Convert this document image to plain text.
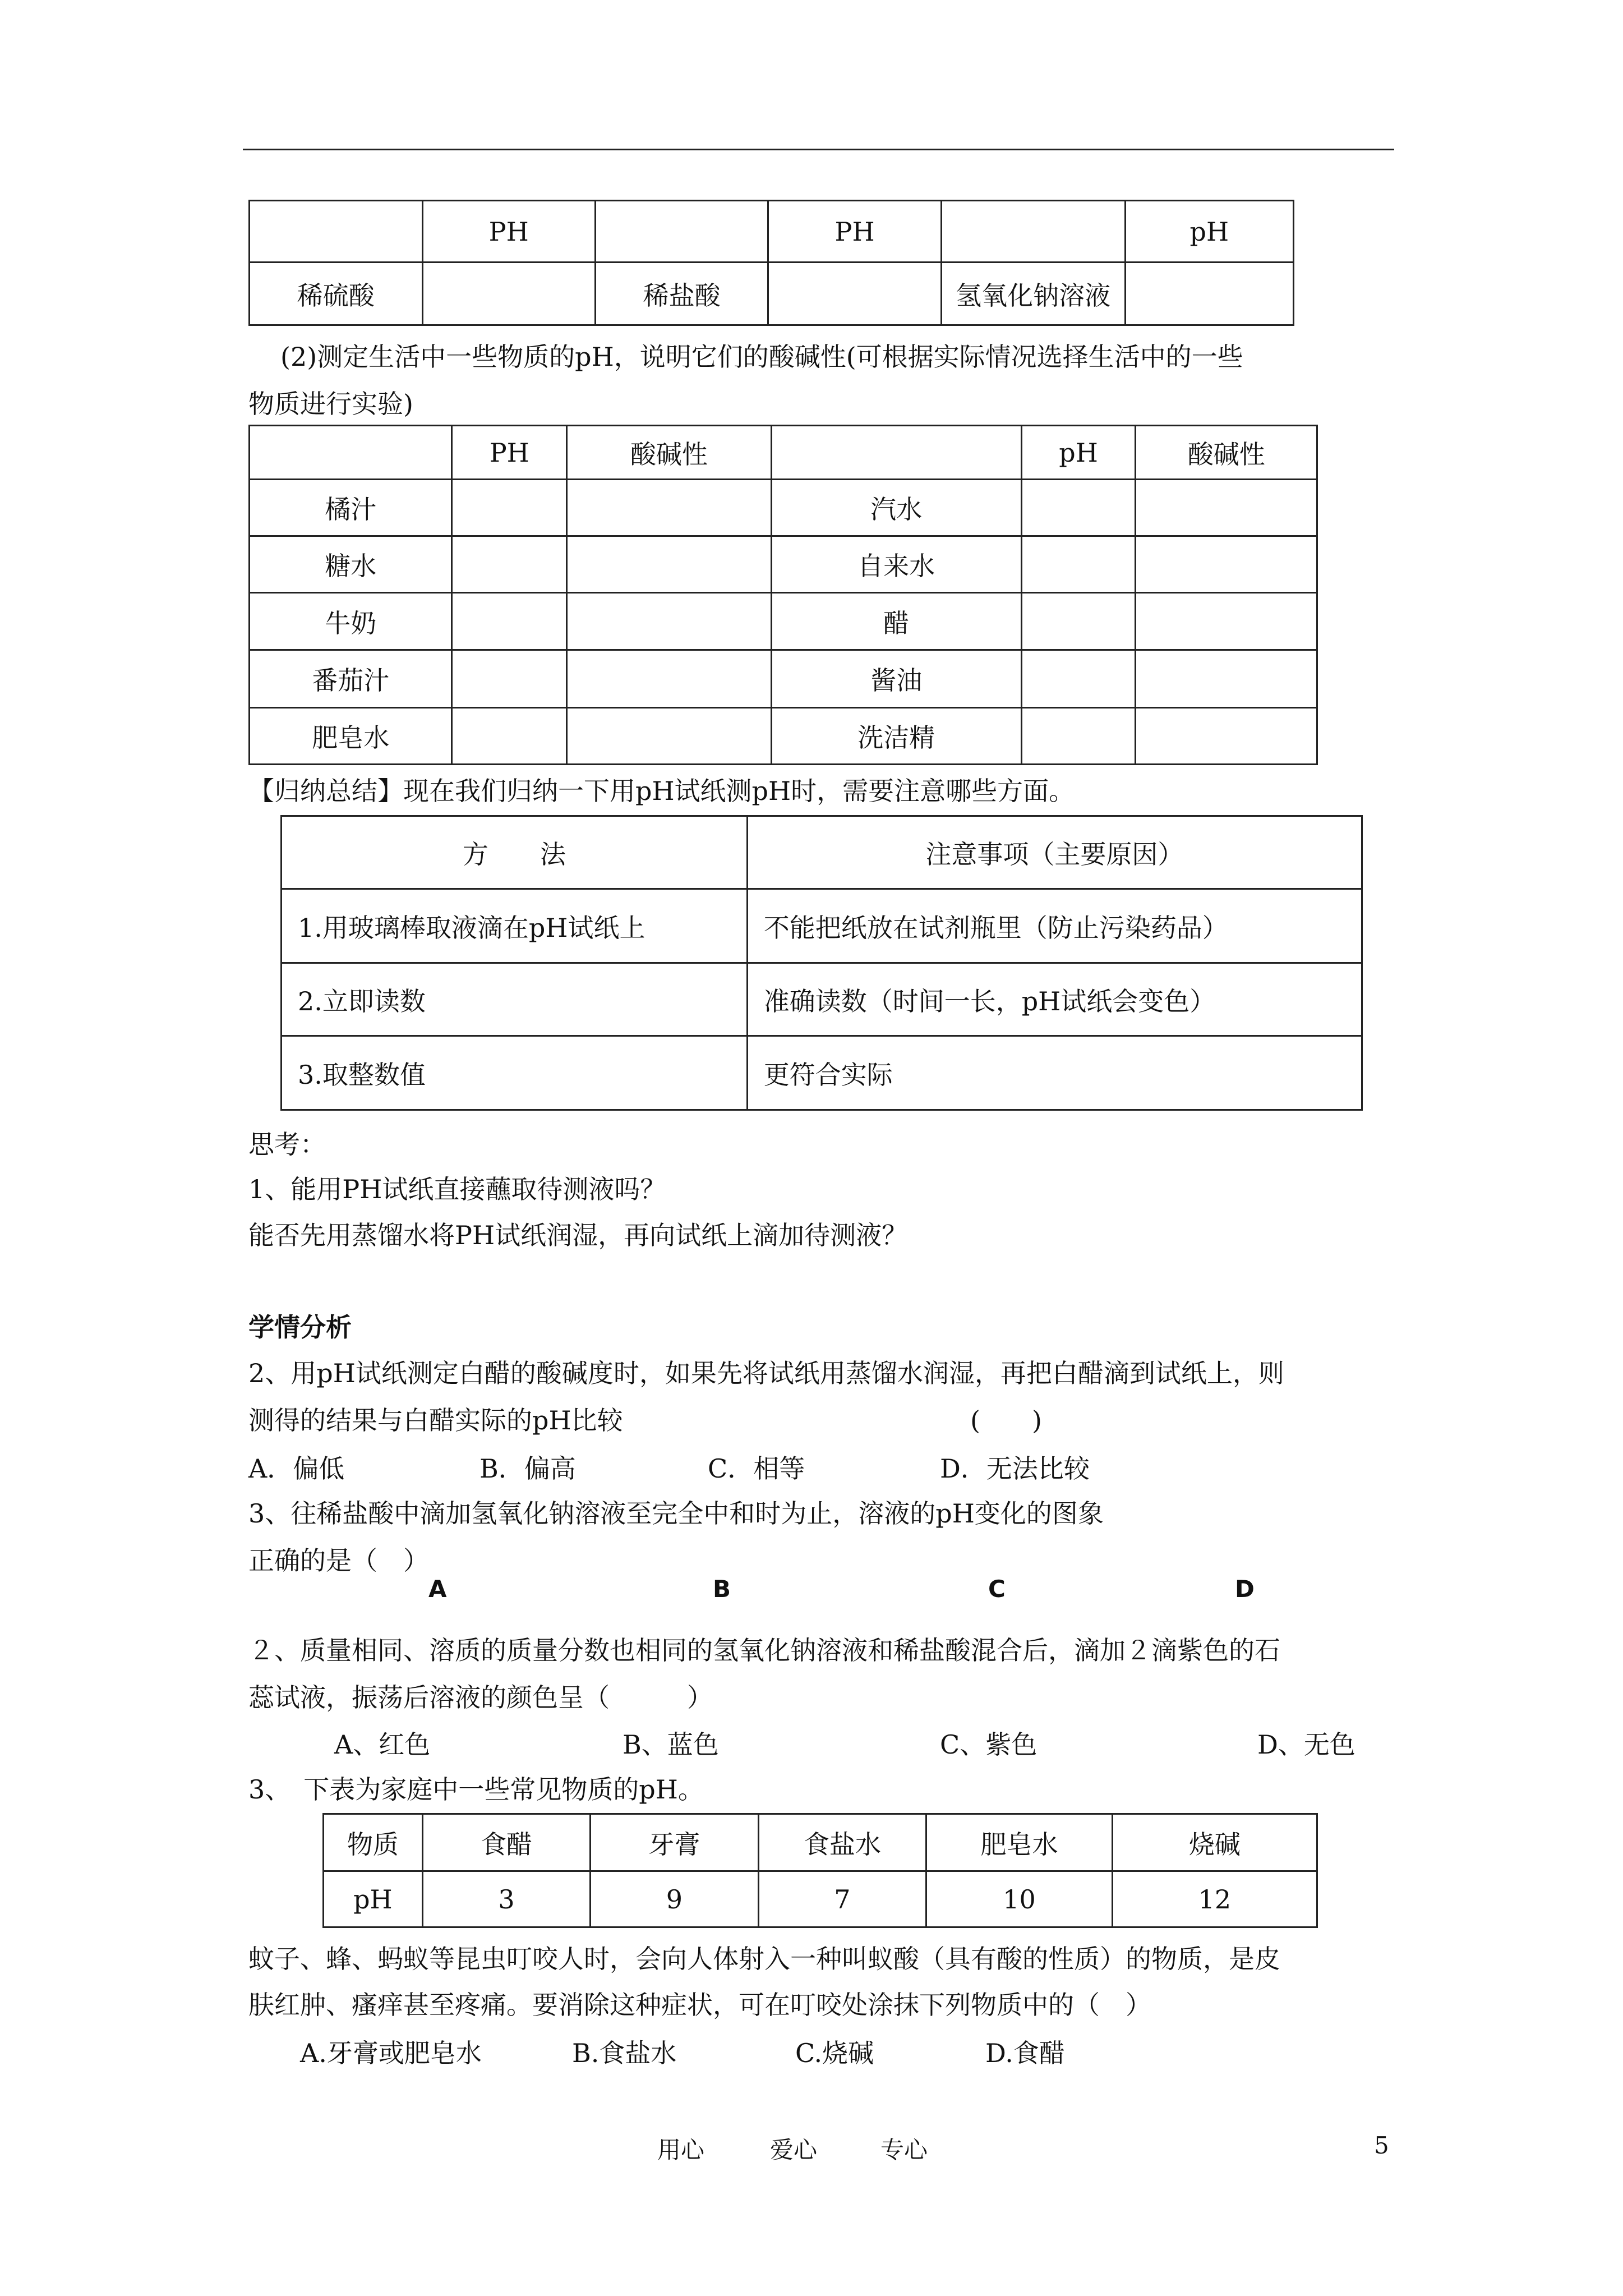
	PH		PH		pH
稀硫酸		稀盐酸		氢氧化钠溶液	
(2)测定生活中一些物质的pH，说明它们的酸碱性(可根据实际情况选择生活中的一些
物质进行实验)
	PH	酸碱性		pH	酸碱性
橘汁			汽水		
糖水			自来水		
牛奶			醋		
番茄汁			酱油		
肥皂水			洗洁精		
【归纳总结】现在我们归纳一下用pH试纸测pH时，需要注意哪些方面。
方　　法	注意事项（主要原因）
1.用玻璃棒取液滴在pH试纸上	不能把纸放在试剂瓶里（防止污染药品）
2.立即读数	准确读数（时间一长，pH试纸会变色）
3.取整数值	更符合实际
思考：
1、能用PH试纸直接蘸取待测液吗？
能否先用蒸馏水将PH试纸润湿，再向试纸上滴加待测液？
学情分析
2、用pH试纸测定白醋的酸碱度时，如果先将试纸用蒸馏水润湿，再把白醋滴到试纸上，则
测得的结果与白醋实际的pH比较	(　　)
A．偏低	B．偏高	C．相等	D．无法比较
3、往稀盐酸中滴加氢氧化钠溶液至完全中和时为止，溶液的pH变化的图象
正确的是（　）
A	B	C	D
２、质量相同、溶质的质量分数也相同的氢氧化钠溶液和稀盐酸混合后，滴加２滴紫色的石
蕊试液，振荡后溶液的颜色呈（　　　）
A、红色	B、蓝色	C、紫色	D、无色
3、　下表为家庭中一些常见物质的pH。
物质	食醋	牙膏	食盐水	肥皂水	烧碱
pH	3	9	7	10	12
蚊子、蜂、蚂蚁等昆虫叮咬人时，会向人体射入一种叫蚁酸（具有酸的性质）的物质，是皮
肤红肿、瘙痒甚至疼痛。要消除这种症状，可在叮咬处涂抹下列物质中的（　）
A.牙膏或肥皂水	B.食盐水	C.烧碱	D.食醋
用心	爱心	专心	5
